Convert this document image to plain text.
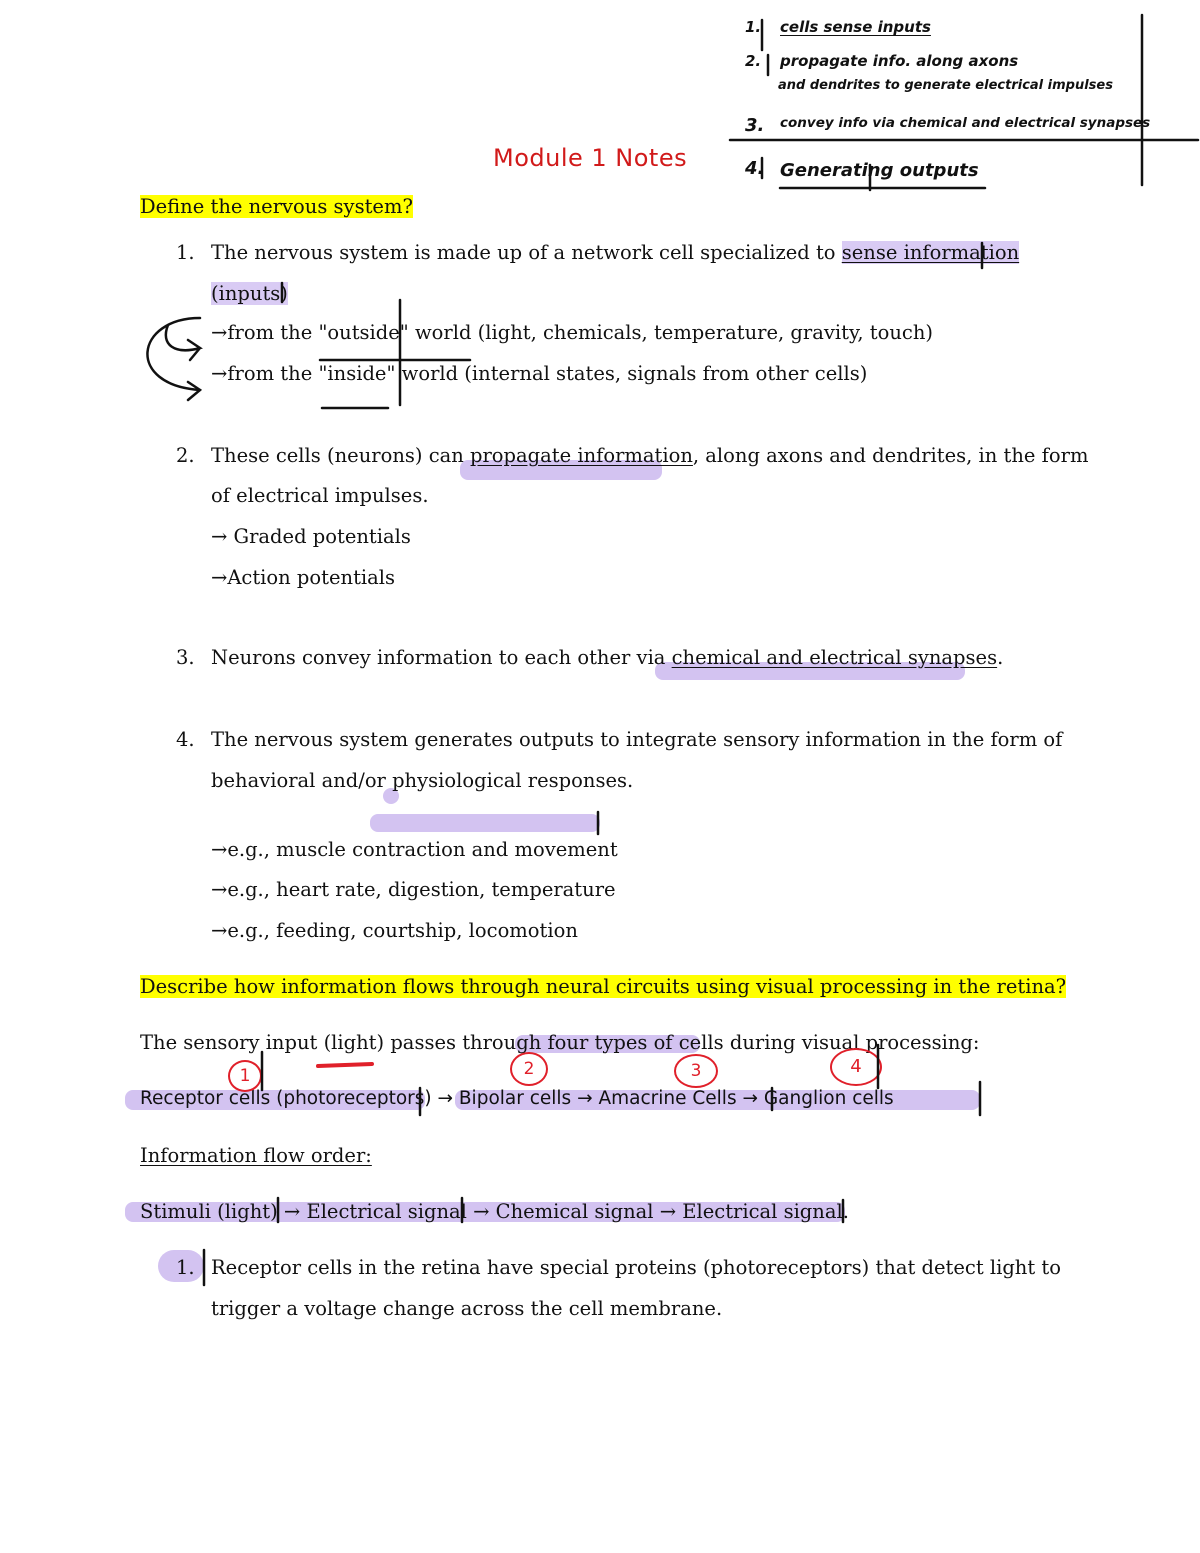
1. cells sense inputs
2. propagate info. along axons
and dendrites to generate electrical impulses
3. convey info via chemical and electrical synapses
4. Generating outputs
Module 1 Notes
Define the nervous system?
1. The nervous system is made up of a network cell specialized to sense information
(inputs)
→from the "outside" world (light, chemicals, temperature, gravity, touch)
→from the "inside" world (internal states, signals from other cells)
2. These cells (neurons) can propagate information, along axons and dendrites, in the form
of electrical impulses.
→ Graded potentials
→Action potentials
3. Neurons convey information to each other via chemical and electrical synapses.
4. The nervous system generates outputs to integrate sensory information in the form of
behavioral and/or physiological responses.
→e.g., muscle contraction and movement
→e.g., heart rate, digestion, temperature
→e.g., feeding, courtship, locomotion
Describe how information flows through neural circuits using visual processing in the retina?
The sensory input (light) passes through four types of cells during visual processing:
Receptor cells (photoreceptors) → Bipolar cells → Amacrine Cells → Ganglion cells
Information flow order:
Stimuli (light) → Electrical signal → Chemical signal → Electrical signal.
1. Receptor cells in the retina have special proteins (photoreceptors) that detect light to
trigger a voltage change across the cell membrane.
1	2	3	4
